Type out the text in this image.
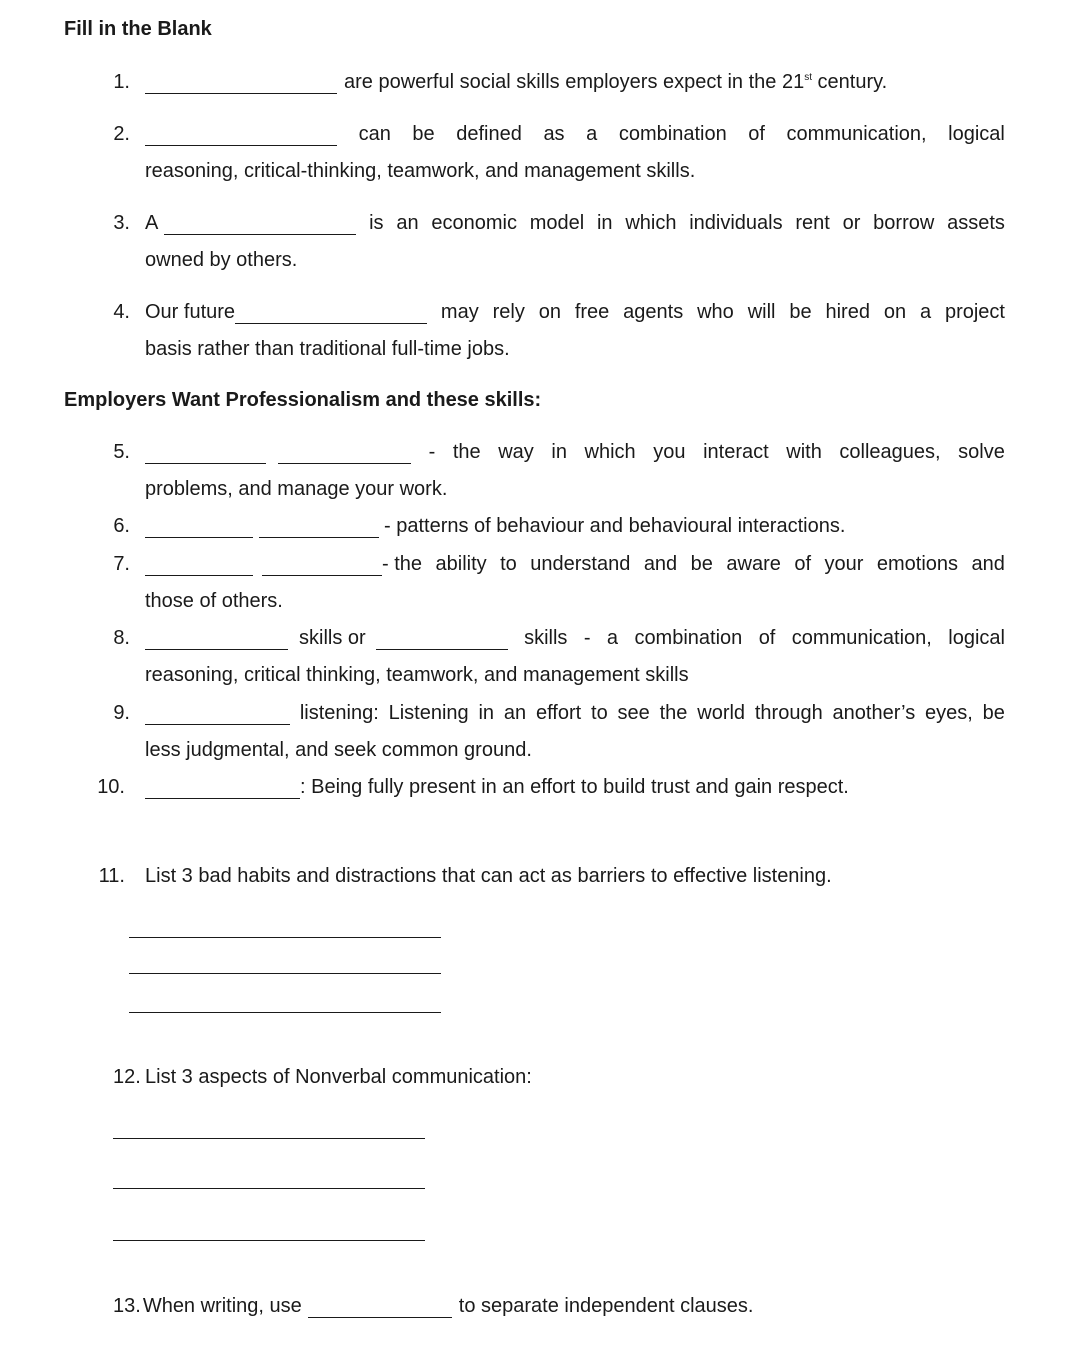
Fill in the Blank
1.	are powerful social skills employers expect in the 21st century.
2.	can be defined as a combination of communication, logical
reasoning, critical-thinking, teamwork, and management skills.
3. A	is an economic model in which individuals rent or borrow assets
owned by others.
4. Our future	may rely on free agents who will be hired on a project
basis rather than traditional full-time jobs.
Employers Want Professionalism and these skills:
5.	- the way in which you interact with colleagues, solve
problems, and manage your work.
6.	- patterns of behaviour and behavioural interactions.
7.	- the ability to understand and be aware of your emotions and
those of others.
8.	skills or	skills - a combination of communication, logical
reasoning, critical thinking, teamwork, and management skills
9.	listening: Listening in an effort to see the world through another’s eyes, be
less judgmental, and seek common ground.
10.	: Being fully present in an effort to build trust and gain respect.
11. List 3 bad habits and distractions that can act as barriers to effective listening.
12. List 3 aspects of Nonverbal communication:
13. When writing, use	to separate independent clauses.
